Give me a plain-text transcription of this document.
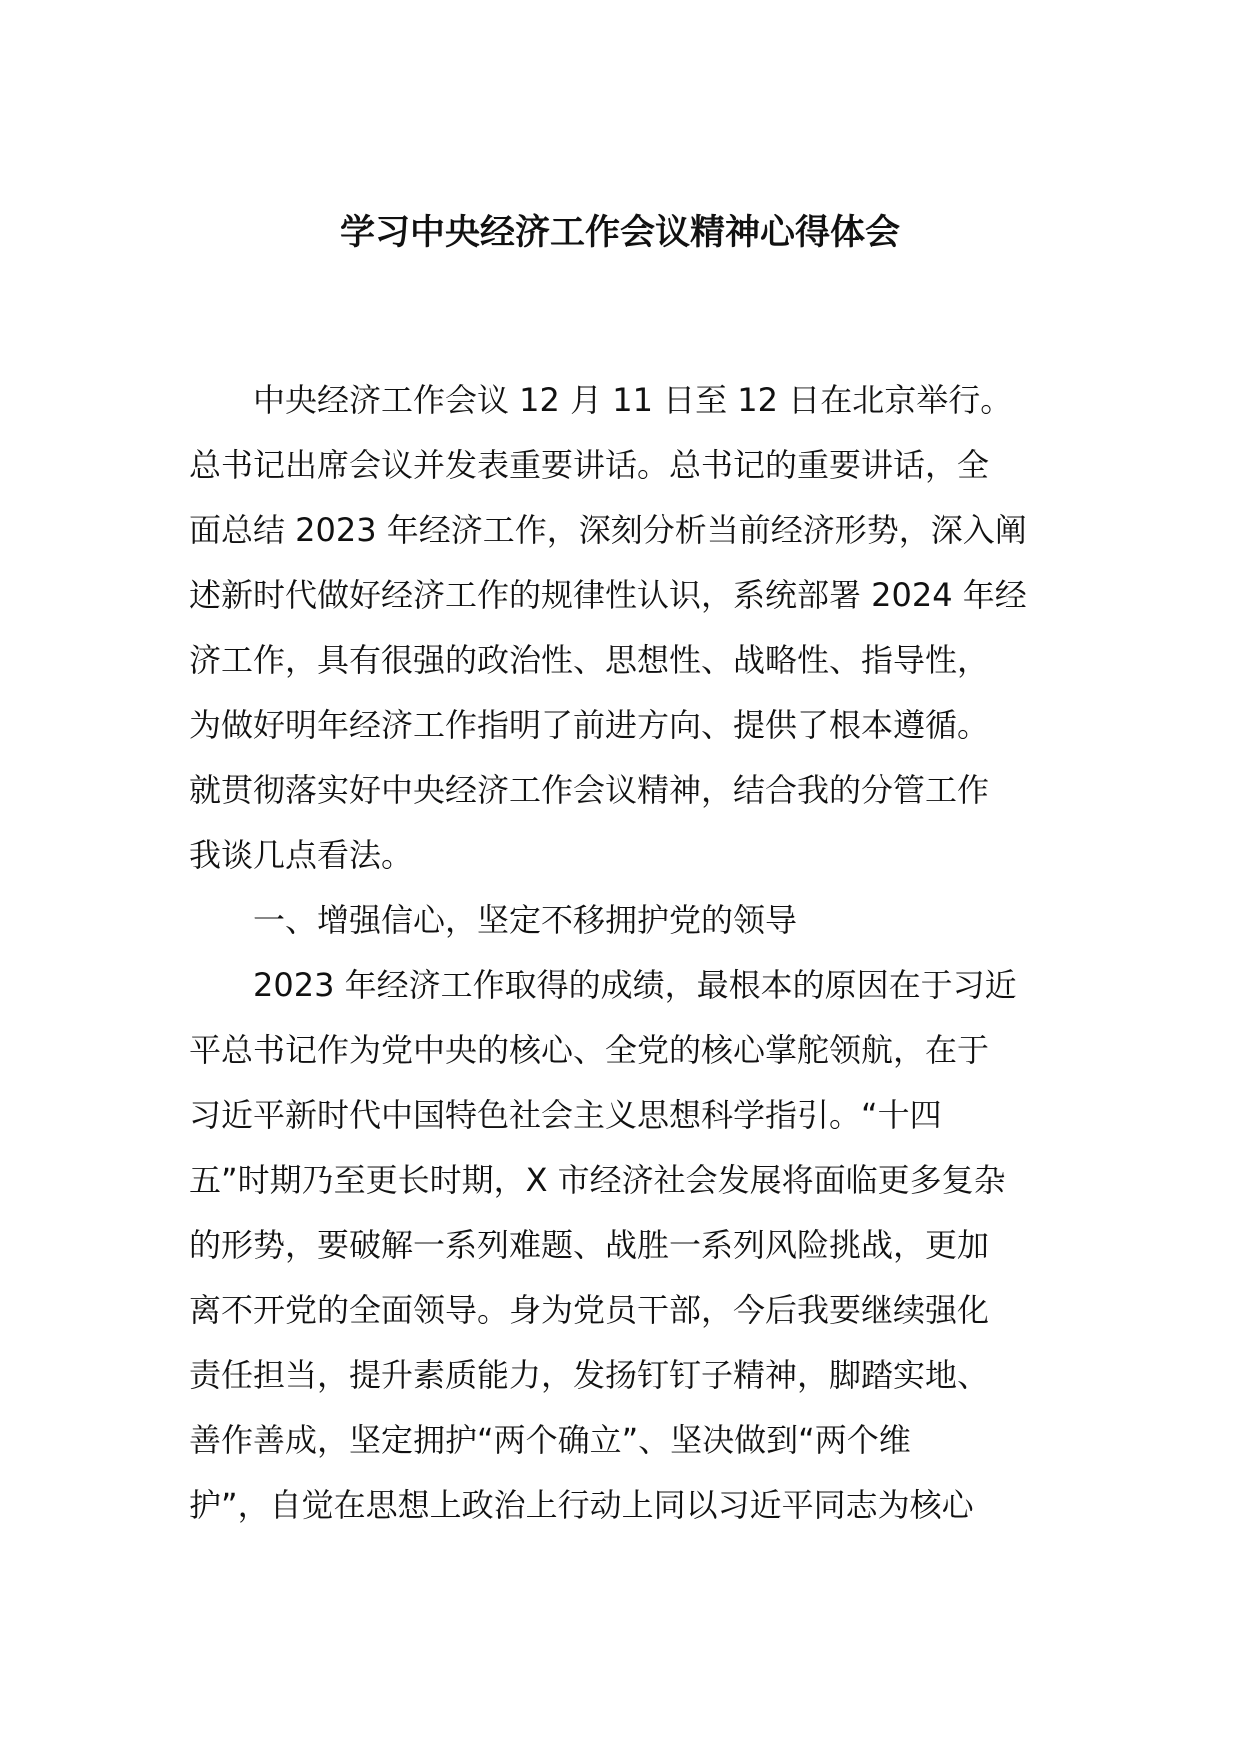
学习中央经济工作会议精神心得体会
中央经济工作会议 12 月 11 日至 12 日在北京举行。
总书记出席会议并发表重要讲话。总书记的重要讲话，全
面总结 2023 年经济工作，深刻分析当前经济形势，深入阐
述新时代做好经济工作的规律性认识，系统部署 2024 年经
济工作，具有很强的政治性、思想性、战略性、指导性，
为做好明年经济工作指明了前进方向、提供了根本遵循。
就贯彻落实好中央经济工作会议精神，结合我的分管工作
我谈几点看法。
一、增强信心，坚定不移拥护党的领导
2023 年经济工作取得的成绩，最根本的原因在于习近
平总书记作为党中央的核心、全党的核心掌舵领航，在于
习近平新时代中国特色社会主义思想科学指引。“十四
五”时期乃至更长时期，X 市经济社会发展将面临更多复杂
的形势，要破解一系列难题、战胜一系列风险挑战，更加
离不开党的全面领导。身为党员干部，今后我要继续强化
责任担当，提升素质能力，发扬钉钉子精神，脚踏实地、
善作善成，坚定拥护“两个确立”、坚决做到“两个维
护”，自觉在思想上政治上行动上同以习近平同志为核心
